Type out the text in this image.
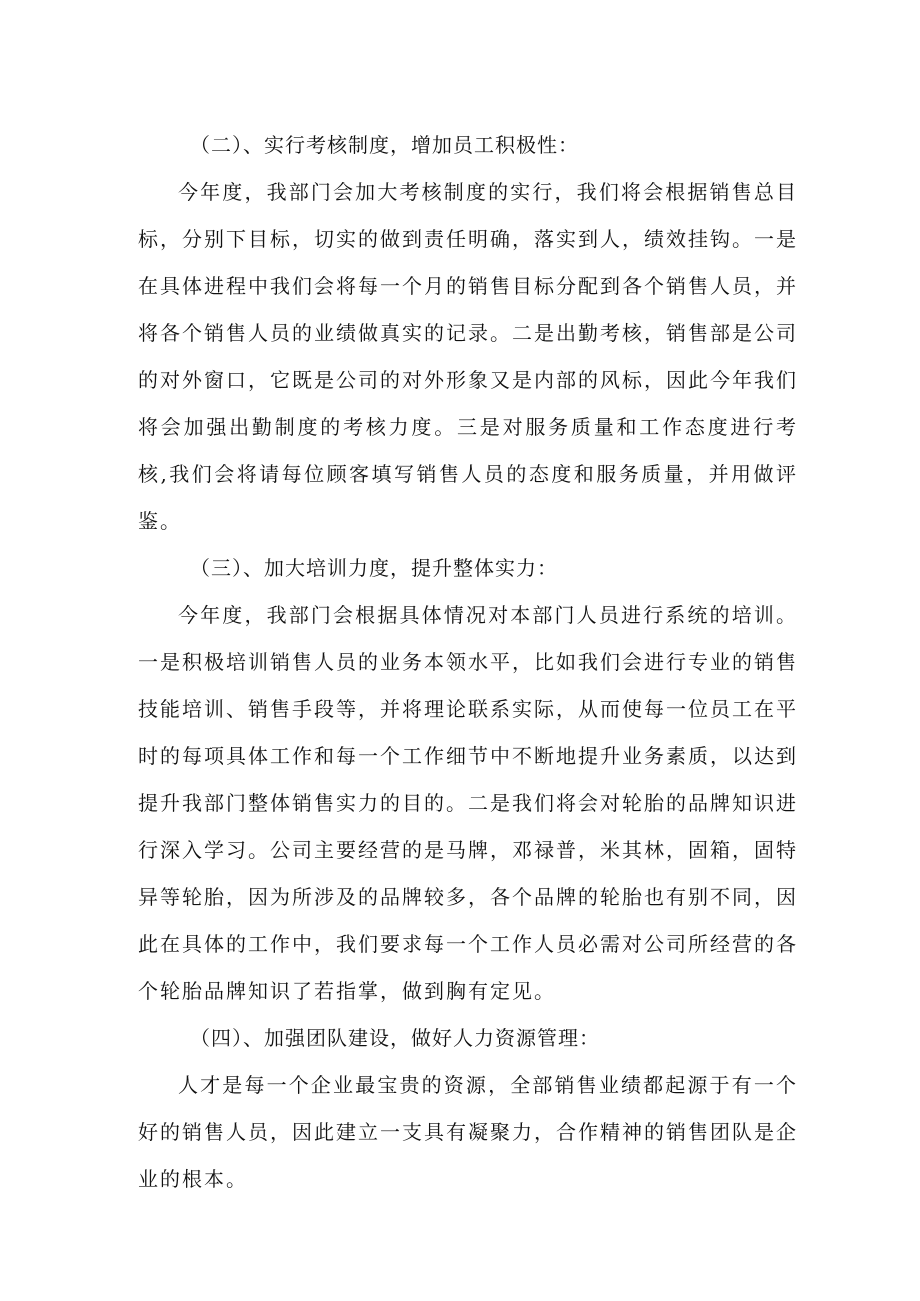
（二）、实行考核制度，增加员工积极性：

今年度，我部门会加大考核制度的实行，我们将会根据销售总目标，分别下目标，切实的做到责任明确，落实到人，绩效挂钩。一是在具体进程中我们会将每一个月的销售目标分配到各个销售人员，并将各个销售人员的业绩做真实的记录。二是出勤考核，销售部是公司的对外窗口，它既是公司的对外形象又是内部的风标，因此今年我们将会加强出勤制度的考核力度。三是对服务质量和工作态度进行考核,我们会将请每位顾客填写销售人员的态度和服务质量，并用做评鉴。

（三）、加大培训力度，提升整体实力：

今年度，我部门会根据具体情况对本部门人员进行系统的培训。一是积极培训销售人员的业务本领水平，比如我们会进行专业的销售技能培训、销售手段等，并将理论联系实际，从而使每一位员工在平时的每项具体工作和每一个工作细节中不断地提升业务素质，以达到提升我部门整体销售实力的目的。二是我们将会对轮胎的品牌知识进行深入学习。公司主要经营的是马牌，邓禄普，米其林，固箱，固特异等轮胎，因为所涉及的品牌较多，各个品牌的轮胎也有别不同，因此在具体的工作中，我们要求每一个工作人员必需对公司所经营的各个轮胎品牌知识了若指掌，做到胸有定见。

（四）、加强团队建设，做好人力资源管理：

人才是每一个企业最宝贵的资源，全部销售业绩都起源于有一个好的销售人员，因此建立一支具有凝聚力，合作精神的销售团队是企业的根本。
